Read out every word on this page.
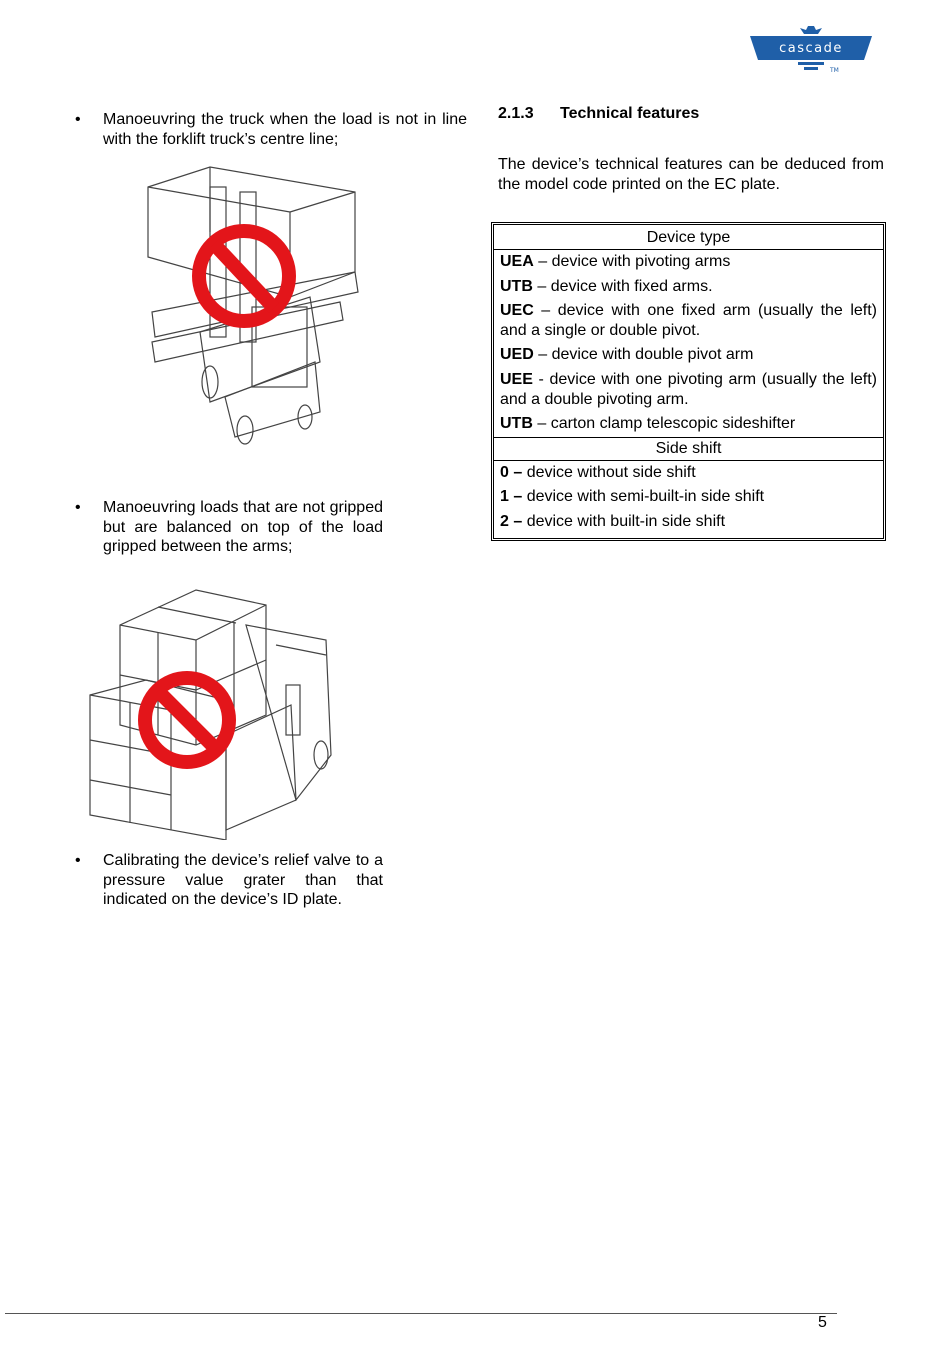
cascade
TM
•	Manoeuvring the truck when the load is not in line with the forklift truck’s centre line;
•	Manoeuvring loads that are not gripped but are balanced on top of the load gripped between the arms;
•	Calibrating the device’s relief valve to a pressure value grater than that indicated on the device’s ID plate.
2.1.3 Technical features
The device’s technical features can be deduced from the model code printed on the EC plate.
Device type
UEA – device with pivoting arms
UTB – device with fixed arms.
UEC – device with one fixed arm (usually the left) and a single or double pivot.
UED – device with double pivot arm
UEE - device with one pivoting arm (usually the left) and a double pivoting arm.
UTB – carton clamp telescopic sideshifter
Side shift
0 – device without side shift
1 – device with semi-built-in side shift
2 – device with built-in side shift
5
